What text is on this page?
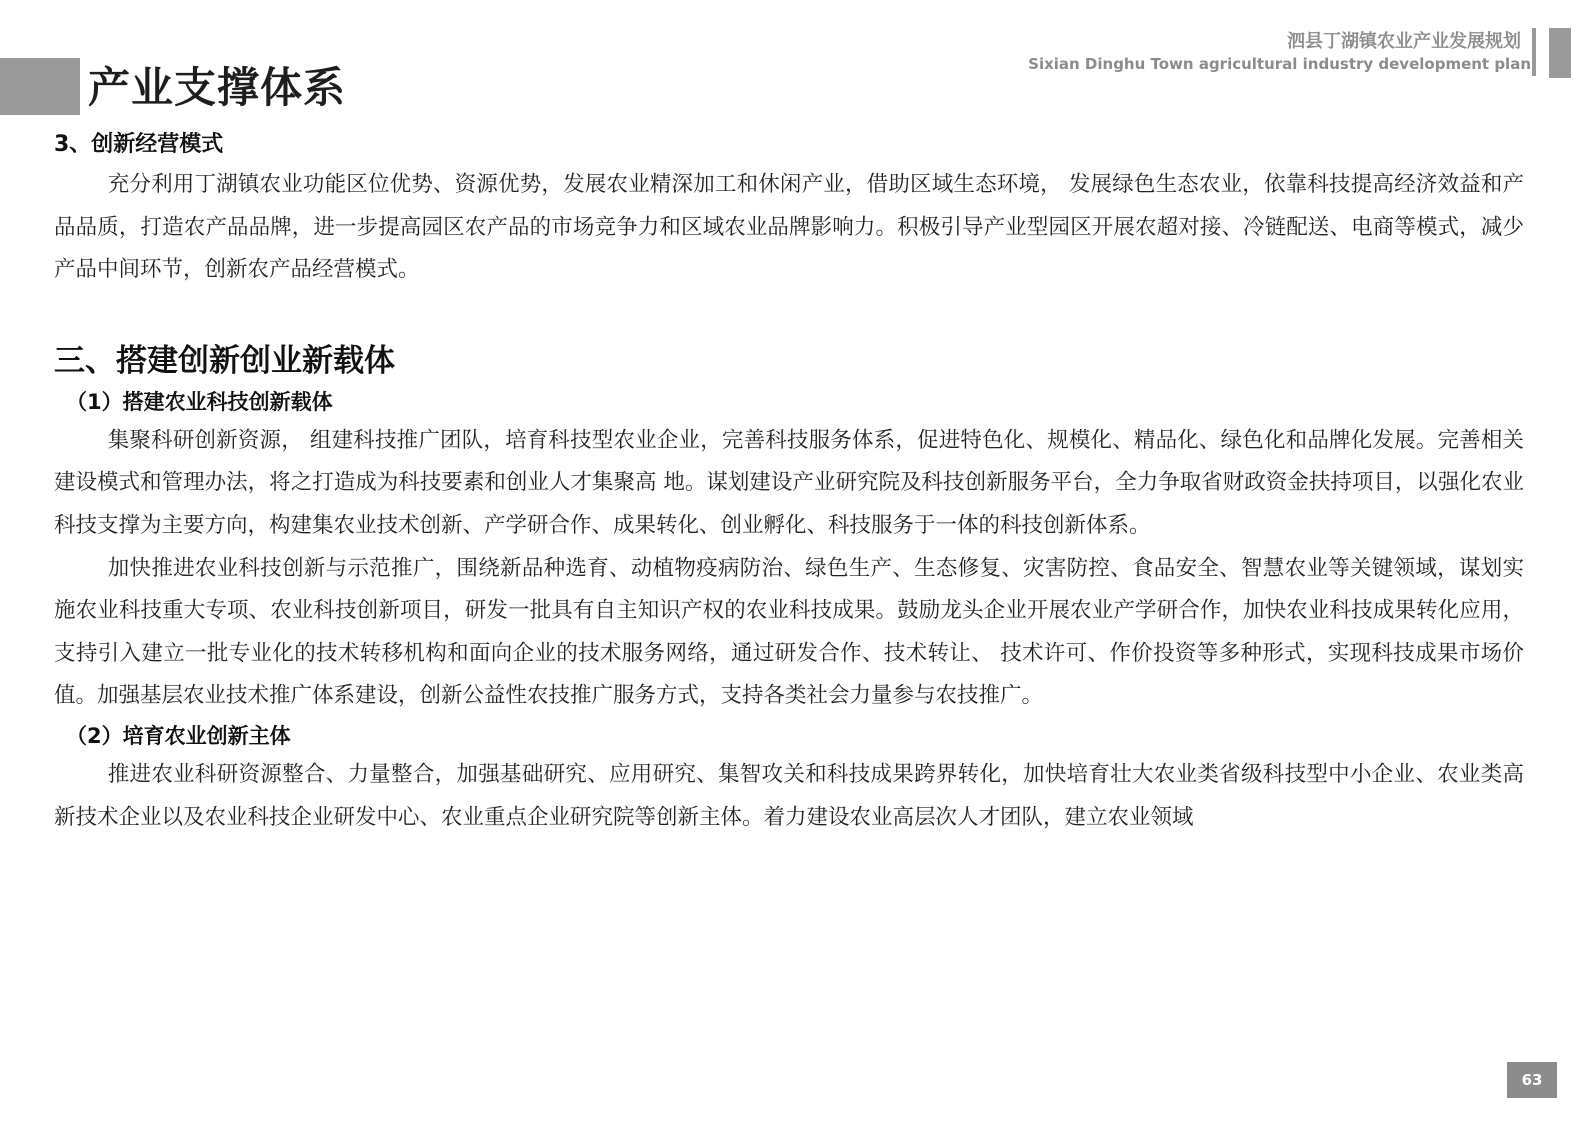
产业支撑体系
泗县丁湖镇农业产业发展规划
Sixian Dinghu Town agricultural industry development plan
3、创新经营模式

充分利用丁湖镇农业功能区位优势、资源优势，发展农业精深加工和休闲产业，借助区域生态环境， 发展绿色生态农业，依靠科技提高经济效益和产品品质，打造农产品品牌，进一步提高园区农产品的市场竞争力和区域农业品牌影响力。积极引导产业型园区开展农超对接、冷链配送、电商等模式，减少产品中间环节，创新农产品经营模式。

三、搭建创新创业新载体
（1）搭建农业科技创新载体

集聚科研创新资源， 组建科技推广团队，培育科技型农业企业，完善科技服务体系，促进特色化、规模化、精品化、绿色化和品牌化发展。完善相关建设模式和管理办法，将之打造成为科技要素和创业人才集聚高 地。谋划建设产业研究院及科技创新服务平台，全力争取省财政资金扶持项目，以强化农业科技支撑为主要方向，构建集农业技术创新、产学研合作、成果转化、创业孵化、科技服务于一体的科技创新体系。

加快推进农业科技创新与示范推广，围绕新品种选育、动植物疫病防治、绿色生产、生态修复、灾害防控、食品安全、智慧农业等关键领域，谋划实施农业科技重大专项、农业科技创新项目，研发一批具有自主知识产权的农业科技成果。鼓励龙头企业开展农业产学研合作，加快农业科技成果转化应用，支持引入建立一批专业化的技术转移机构和面向企业的技术服务网络，通过研发合作、技术转让、 技术许可、作价投资等多种形式，实现科技成果市场价值。加强基层农业技术推广体系建设，创新公益性农技推广服务方式，支持各类社会力量参与农技推广。

（2）培育农业创新主体

推进农业科研资源整合、力量整合，加强基础研究、应用研究、集智攻关和科技成果跨界转化，加快培育壮大农业类省级科技型中小企业、农业类高新技术企业以及农业科技企业研发中心、农业重点企业研究院等创新主体。着力建设农业高层次人才团队，建立农业领域

63
